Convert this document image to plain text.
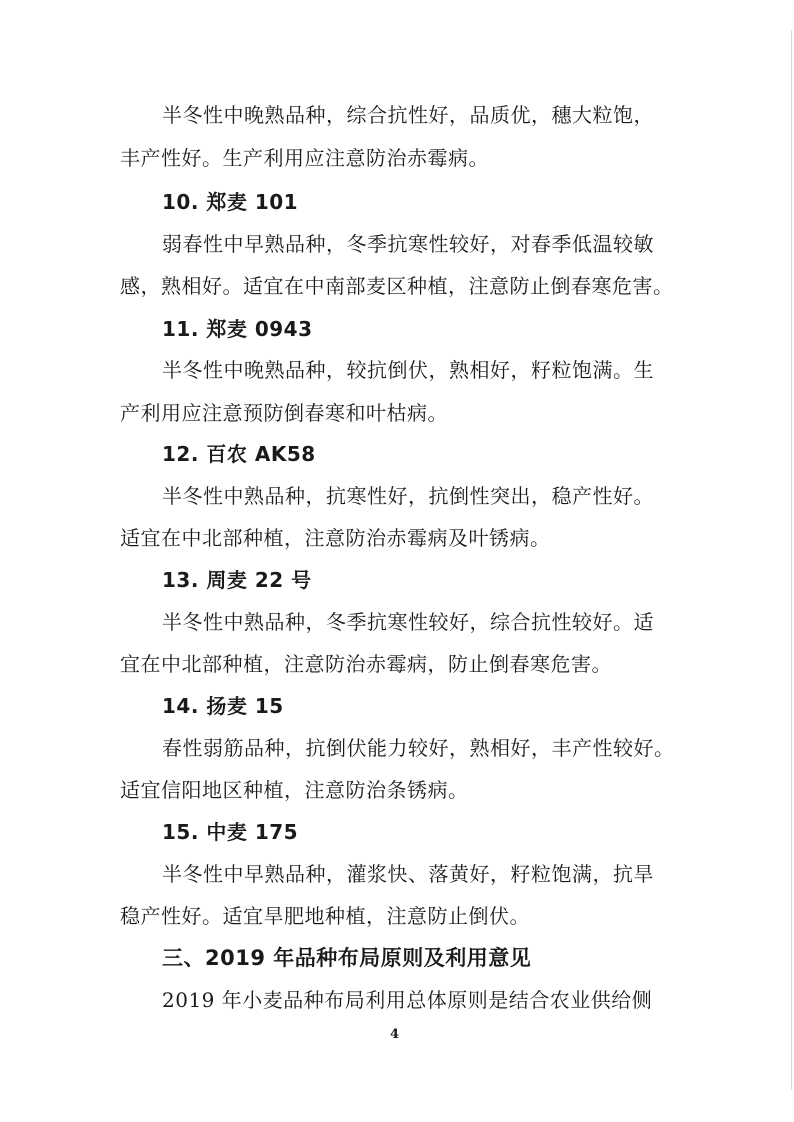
半冬性中晚熟品种，综合抗性好，品质优，穗大粒饱，
丰产性好。生产利用应注意防治赤霉病。
10. 郑麦 101
弱春性中早熟品种，冬季抗寒性较好，对春季低温较敏
感，熟相好。适宜在中南部麦区种植，注意防止倒春寒危害。
11. 郑麦 0943
半冬性中晚熟品种，较抗倒伏，熟相好，籽粒饱满。生
产利用应注意预防倒春寒和叶枯病。
12. 百农 AK58
半冬性中熟品种，抗寒性好，抗倒性突出，稳产性好。
适宜在中北部种植，注意防治赤霉病及叶锈病。
13. 周麦 22 号
半冬性中熟品种，冬季抗寒性较好，综合抗性较好。适
宜在中北部种植，注意防治赤霉病，防止倒春寒危害。
14. 扬麦 15
春性弱筋品种，抗倒伏能力较好，熟相好，丰产性较好。
适宜信阳地区种植，注意防治条锈病。
15. 中麦 175
半冬性中早熟品种，灌浆快、落黄好，籽粒饱满，抗旱
稳产性好。适宜旱肥地种植，注意防止倒伏。
三、2019 年品种布局原则及利用意见
2019 年小麦品种布局利用总体原则是结合农业供给侧
4
